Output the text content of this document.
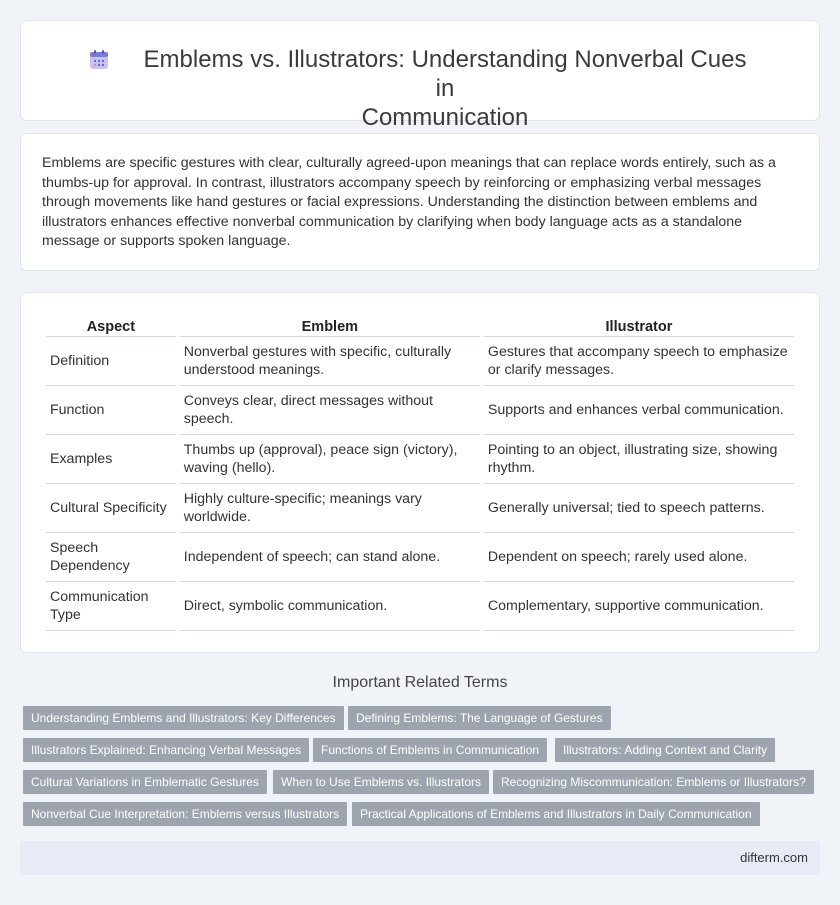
Emblems vs. Illustrators: Understanding Nonverbal Cues in
Communication

Emblems are specific gestures with clear, culturally agreed-upon meanings that can replace words entirely, such as a thumbs-up for approval. In contrast, illustrators accompany speech by reinforcing or emphasizing verbal messages through movements like hand gestures or facial expressions. Understanding the distinction between emblems and illustrators enhances effective nonverbal communication by clarifying when body language acts as a standalone message or supports spoken language.

Aspect	Emblem	Illustrator
Definition	Nonverbal gestures with specific, culturally understood meanings.	Gestures that accompany speech to emphasize or clarify messages.
Function	Conveys clear, direct messages without speech.	Supports and enhances verbal communication.
Examples	Thumbs up (approval), peace sign (victory), waving (hello).	Pointing to an object, illustrating size, showing rhythm.
Cultural Specificity	Highly culture-specific; meanings vary worldwide.	Generally universal; tied to speech patterns.
Speech Dependency	Independent of speech; can stand alone.	Dependent on speech; rarely used alone.
Communication Type	Direct, symbolic communication.	Complementary, supportive communication.
Important Related Terms
Understanding Emblems and Illustrators: Key Differences	Defining Emblems: The Language of Gestures
Illustrators Explained: Enhancing Verbal Messages	Functions of Emblems in Communication	Illustrators: Adding Context and Clarity
Cultural Variations in Emblematic Gestures	When to Use Emblems vs. Illustrators	Recognizing Miscommunication: Emblems or Illustrators?
Nonverbal Cue Interpretation: Emblems versus Illustrators	Practical Applications of Emblems and Illustrators in Daily Communication
difterm.com
